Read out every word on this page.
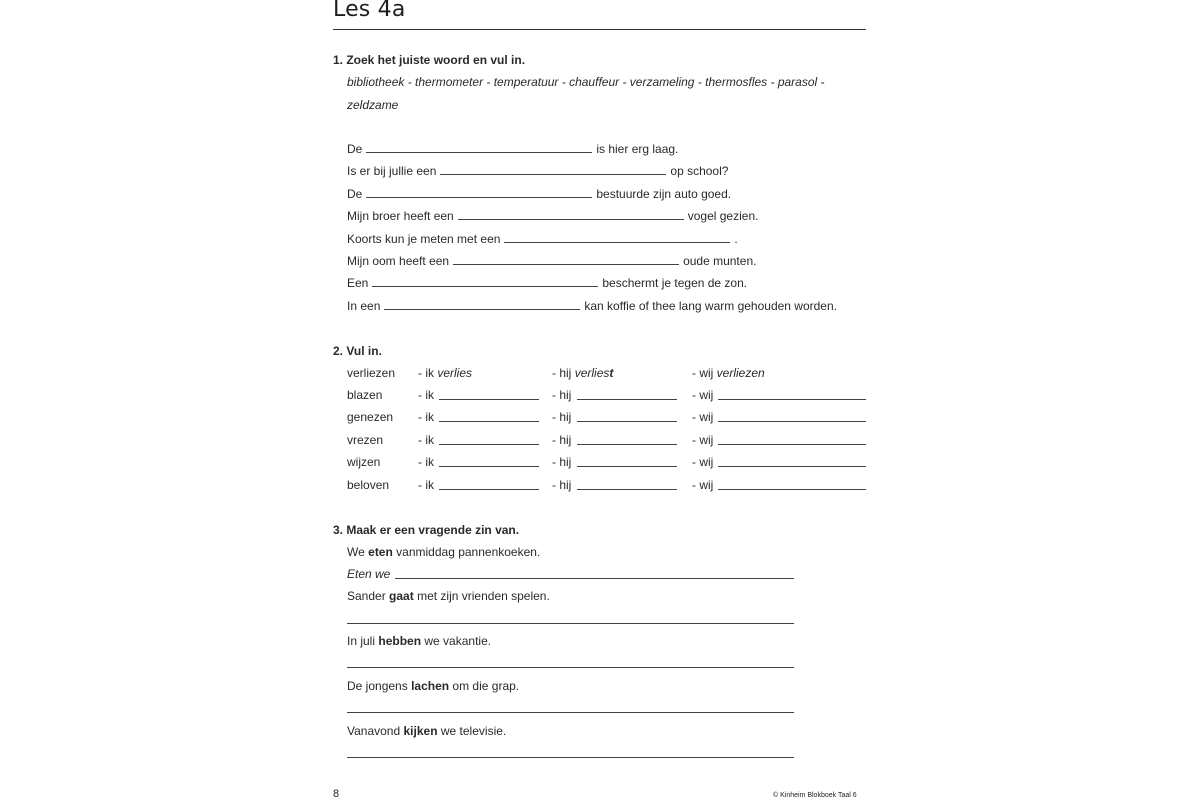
Les 4a
1. Zoek het juiste woord en vul in.
bibliotheek - thermometer - temperatuur - chauffeur - verzameling - thermosfles - parasol -
zeldzame
De	is hier erg laag.
Is er bij jullie een	op school?
De	bestuurde zijn auto goed.
Mijn broer heeft een	vogel gezien.
Koorts kun je meten met een	.
Mijn oom heeft een	oude munten.
Een	beschermt je tegen de zon.
In een	kan koffie of thee lang warm gehouden worden.
2. Vul in.
verliezen - ik verlies	- hij verliest	- wij verliezen
blazen	- ik	- hij	- wij
genezen - ik	- hij	- wij
vrezen	- ik	- hij	- wij
wijzen	- ik	- hij	- wij
beloven - ik	- hij	- wij
3. Maak er een vragende zin van.
We eten vanmiddag pannenkoeken.
Eten we
Sander gaat met zijn vrienden spelen.
In juli hebben we vakantie.
De jongens lachen om die grap.
Vanavond kijken we televisie.
8	© Kinheim Blokboek Taal 6
